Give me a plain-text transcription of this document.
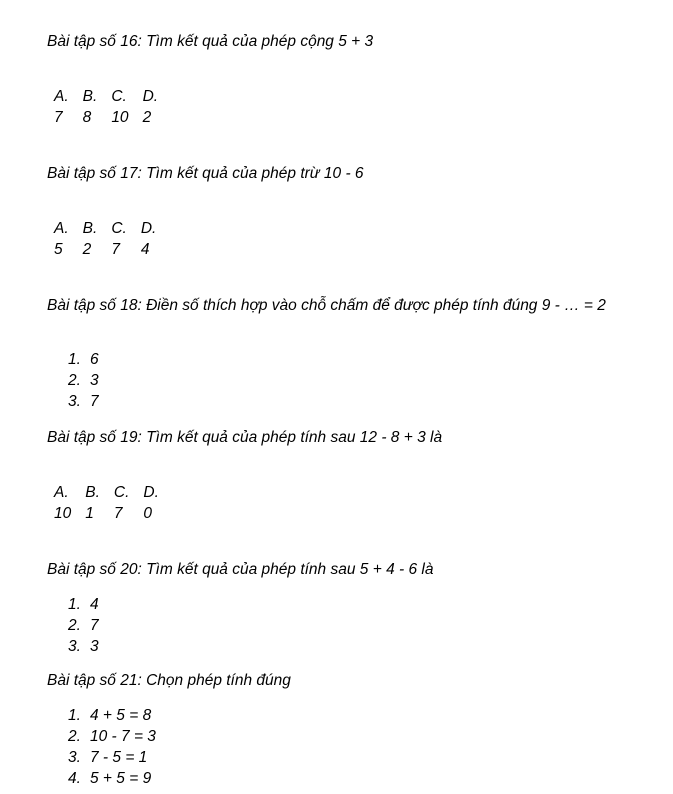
Bài tập số 16: Tìm kết quả của phép cộng 5 + 3

A.	B.	C.	D.
7	8	10	2

Bài tập số 17: Tìm kết quả của phép trừ 10 - 6

A.	B.	C.	D.
5	2	7	4

Bài tập số 18: Điền số thích hợp vào chỗ chấm để được phép tính đúng 9 - … = 2

1. 6
2. 3
3. 7

Bài tập số 19: Tìm kết quả của phép tính sau 12 - 8 + 3 là

A.	B.	C.	D.
10	1	7	0

Bài tập số 20: Tìm kết quả của phép tính sau 5 + 4 - 6 là

1. 4
2. 7
3. 3

Bài tập số 21: Chọn phép tính đúng

1. 4 + 5 = 8
2. 10 - 7 = 3
3. 7 - 5 = 1
4. 5 + 5 = 9
